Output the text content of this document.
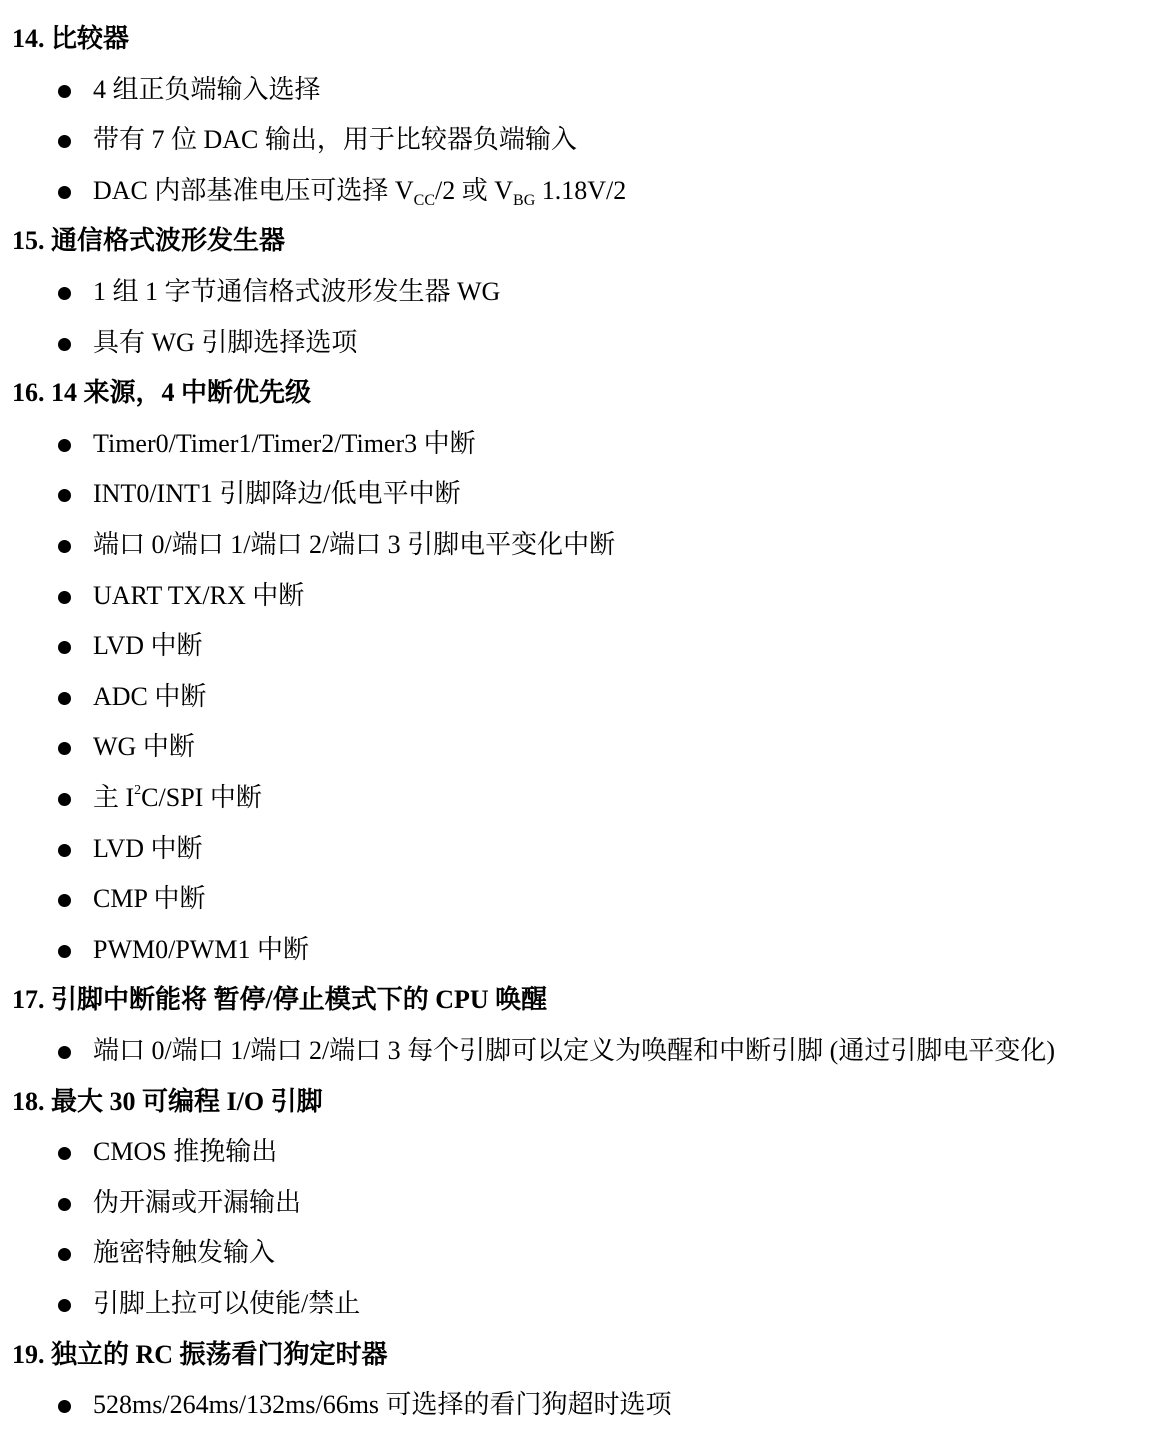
14. 比较器
4 组正负端输入选择
带有 7 位 DAC 输出，用于比较器负端输入
DAC 内部基准电压可选择 $V_{CC}/2$ 或 $V_{BG}$ 1.18V/2
15. 通信格式波形发生器
1 组 1 字节通信格式波形发生器 WG
具有 WG 引脚选择选项
16. 14 来源，4 中断优先级
Timer0/Timer1/Timer2/Timer3 中断
INT0/INT1 引脚降边/低电平中断
端口 0/端口 1/端口 2/端口 3 引脚电平变化中断
UART TX/RX 中断
LVD 中断
ADC 中断
WG 中断
主 $I^2C$/SPI 中断
LVD 中断
CMP 中断
PWM0/PWM1 中断
17. 引脚中断能将 暂停/停止模式下的 CPU 唤醒
端口 0/端口 1/端口 2/端口 3 每个引脚可以定义为唤醒和中断引脚 (通过引脚电平变化)
18. 最大 30 可编程 I/O 引脚
CMOS 推挽输出
伪开漏或开漏输出
施密特触发输入
引脚上拉可以使能/禁止
19. 独立的 RC 振荡看门狗定时器
528ms/264ms/132ms/66ms 可选择的看门狗超时选项
